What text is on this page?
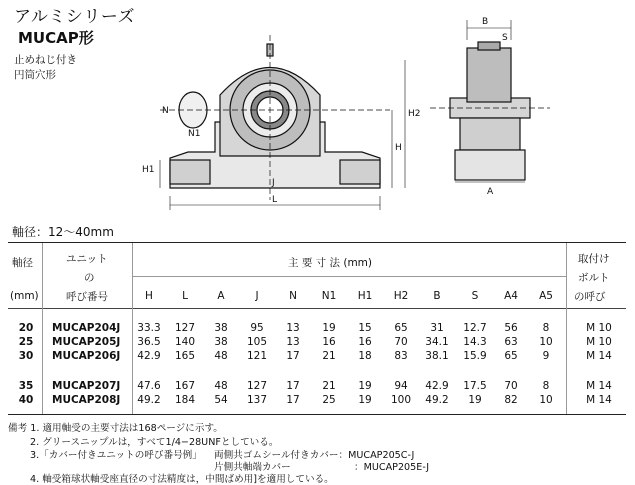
アルミシリーズ
MUCAP形
止めねじ付き
円筒穴形
N
N1
H1
J
L
H
H2
B
S
A
軸径：12〜40mm
軸径
(mm)
ユニット
の
呼び番号
主 要 寸 法 (mm)	取付け
ボルト
の呼び
H	L	A	J	N	N1	H1	H2	B	S	A4	A5
20	MUCAP204J	33.3	127	38	95	13	19	15	65	31	12.7	56	8	M 10
25	MUCAP205J	36.5	140	38	105	13	16	16	70	34.1	14.3	63	10	M 10
30	MUCAP206J	42.9	165	48	121	17	21	18	83	38.1	15.9	65	9	M 14
35	MUCAP207J	47.6	167	48	127	17	21	19	94	42.9	17.5	70	8	M 14
40	MUCAP208J	49.2	184	54	137	17	25	19	100	49.2	19	82	10	M 14
備考 1. 適用軸受の主要寸法は168ページに示す。
2. グリースニップルは，すべて1/4−28UNFとしている。
3.「カバー付きユニットの呼び番号例」 両側共ゴムシール付きカバー：MUCAP205C-J
片側共軸端カバー	：MUCAP205E-J
4. 軸受箱球状軸受座直径の寸法精度は，中間ばめ用]を適用している。
